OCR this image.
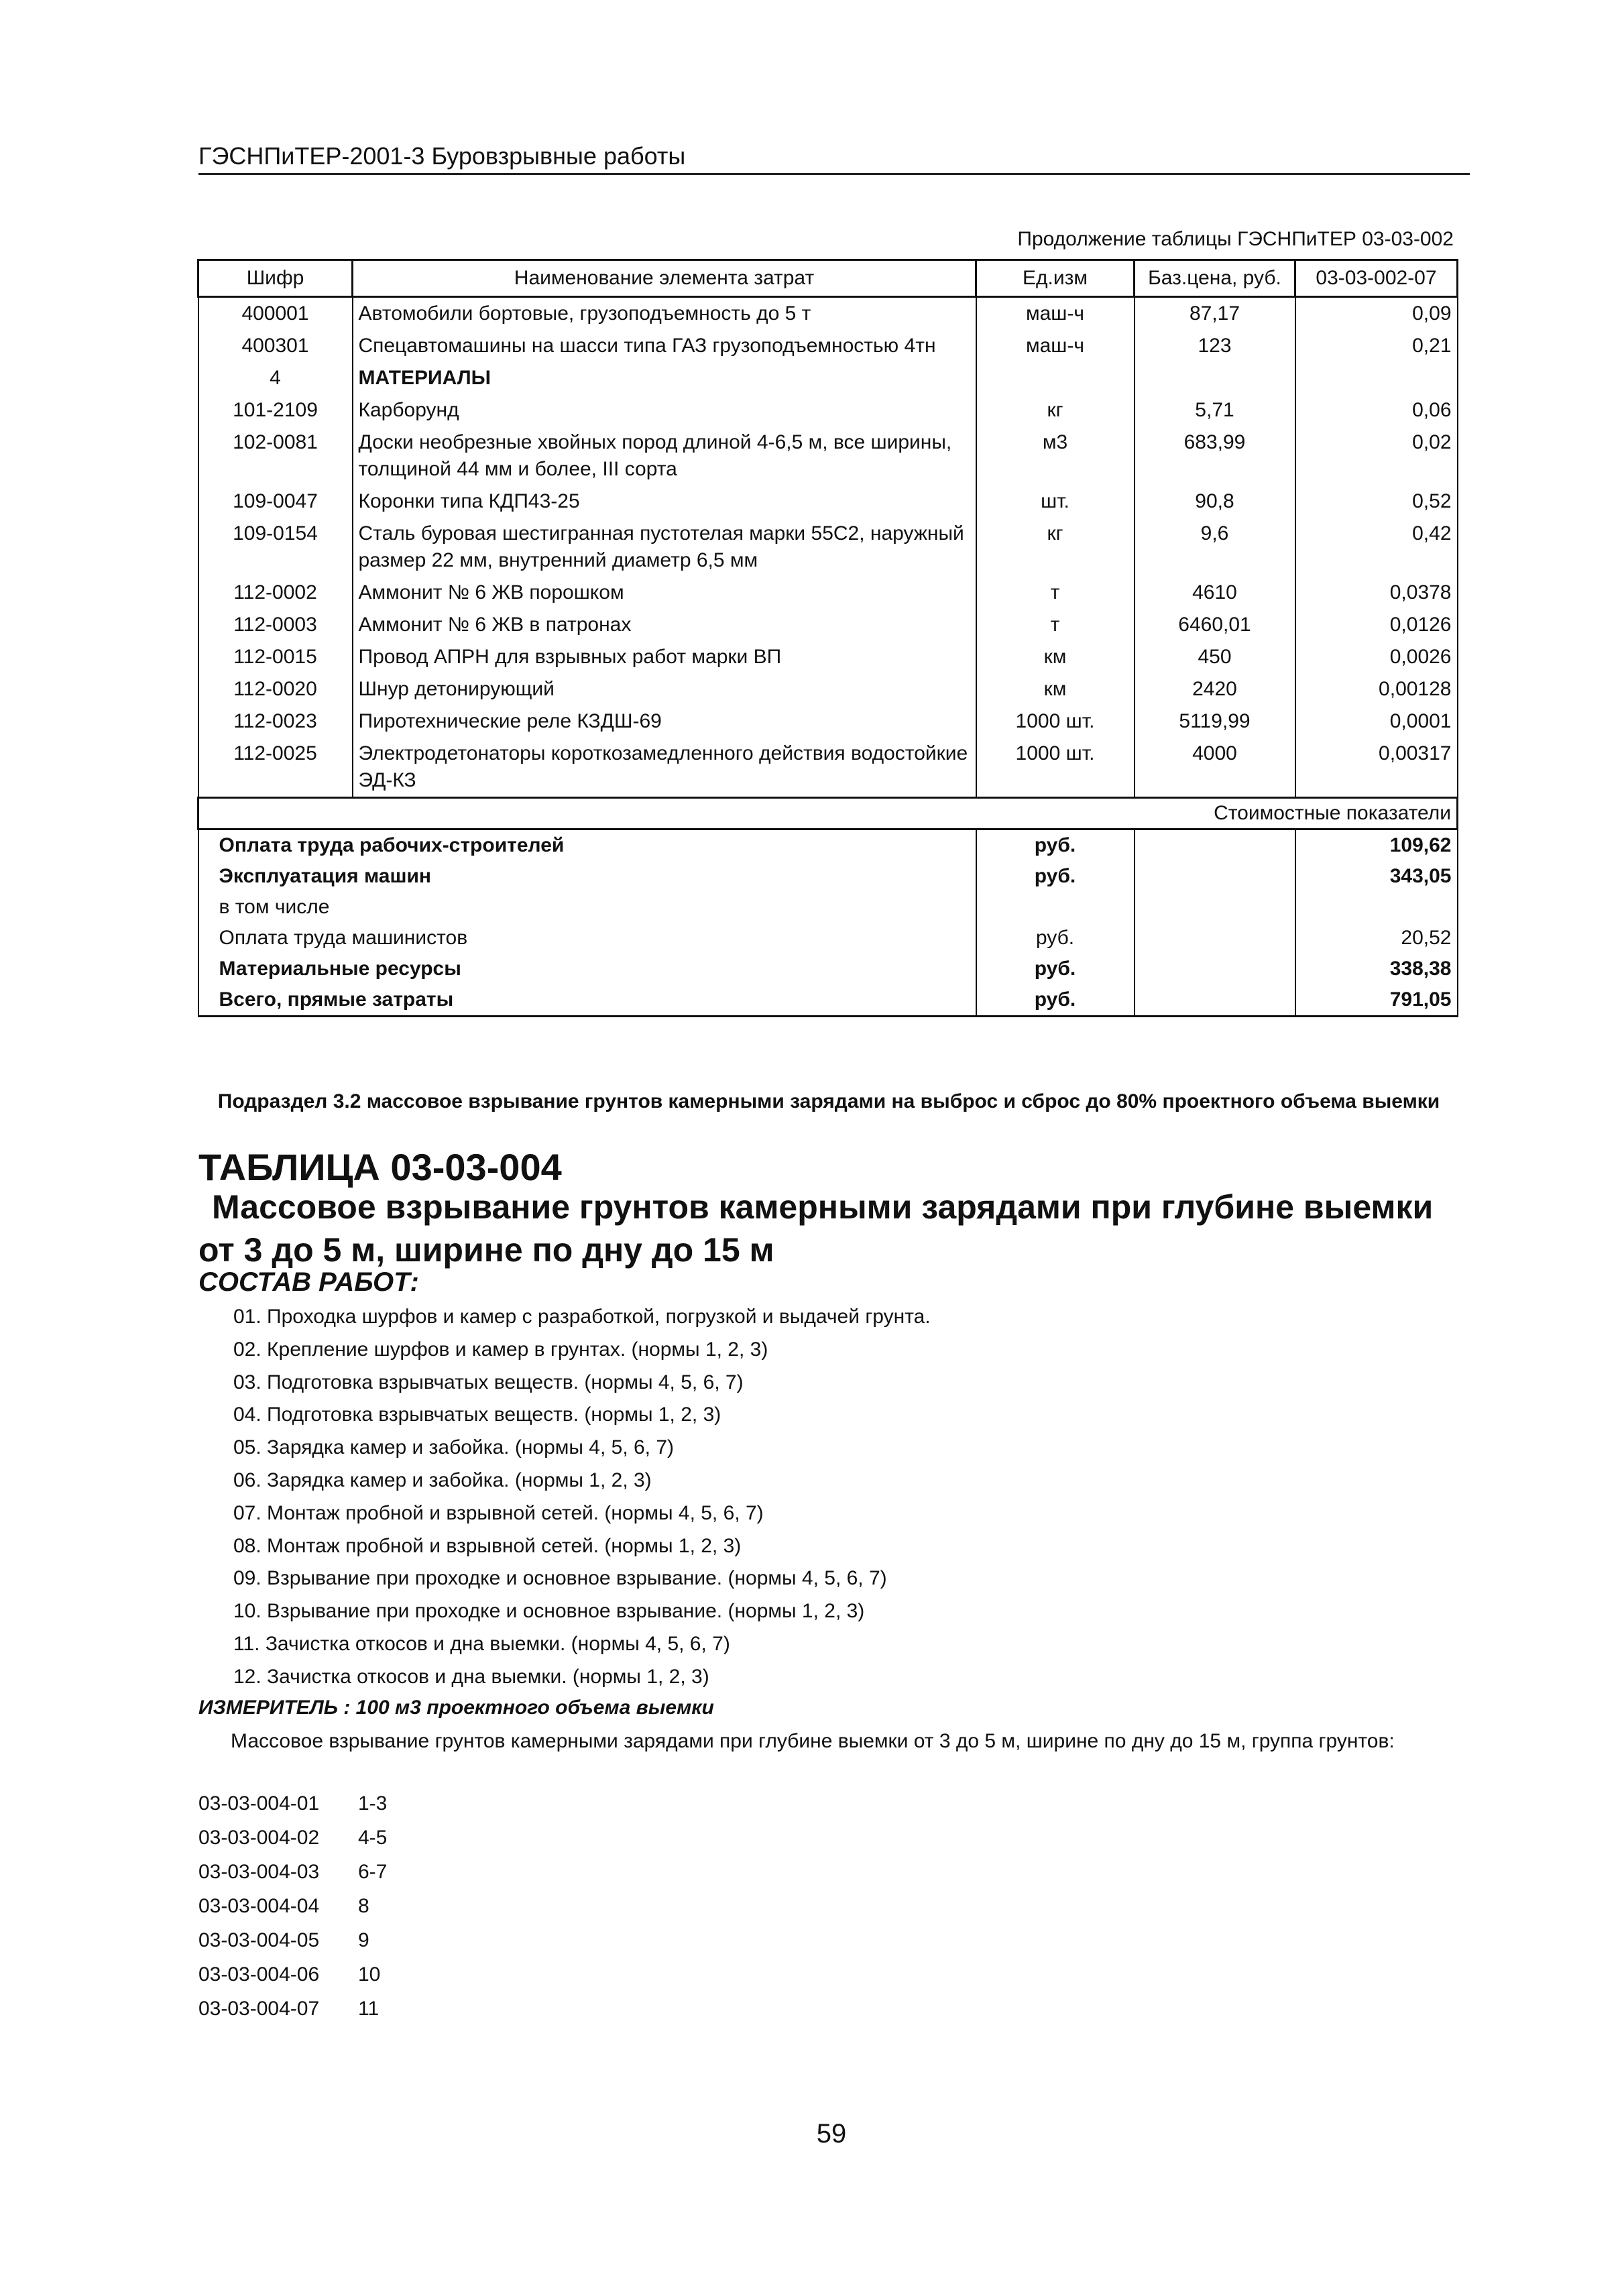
ГЭСНПиТЕР-2001-3 Буровзрывные работы
Продолжение таблицы ГЭСНПиТЕР 03-03-002
Шифр	Наименование элемента затрат	Ед.изм	Баз.цена, руб.	03-03-002-07
400001	Автомобили бортовые, грузоподъемность до 5 т	маш-ч	87,17	0,09
400301	Спецавтомашины на шасси типа ГАЗ грузоподъемностью 4тн	маш-ч	123	0,21
4	МАТЕРИАЛЫ			
101-2109	Карборунд	кг	5,71	0,06
102-0081	Доски необрезные хвойных пород длиной 4-6,5 м, все ширины, толщиной 44 мм и более, III сорта	м3	683,99	0,02
109-0047	Коронки типа КДП43-25	шт.	90,8	0,52
109-0154	Сталь буровая шестигранная пустотелая марки 55С2, наружный размер 22 мм, внутренний диаметр 6,5 мм	кг	9,6	0,42
112-0002	Аммонит № 6 ЖВ порошком	т	4610	0,0378
112-0003	Аммонит № 6 ЖВ в патронах	т	6460,01	0,0126
112-0015	Провод АПРН для взрывных работ марки ВП	км	450	0,0026
112-0020	Шнур детонирующий	км	2420	0,00128
112-0023	Пиротехнические реле КЗДШ-69	1000 шт.	5119,99	0,0001
112-0025	Электродетонаторы короткозамедленного действия водостойкие ЭД-КЗ	1000 шт.	4000	0,00317
Стоимостные показатели				
Оплата труда рабочих-строителей		руб.		109,62
Эксплуатация машин		руб.		343,05
в том числе				
Оплата труда машинистов		руб.		20,52
Материальные ресурсы		руб.		338,38
Всего, прямые затраты		руб.		791,05
Подраздел 3.2 массовое взрывание грунтов камерными зарядами на выброс и сброс до 80% проектного объема выемки
ТАБЛИЦА 03-03-004
Массовое взрывание грунтов камерными зарядами при глубине выемки от 3 до 5 м, ширине по дну до 15 м
СОСТАВ РАБОТ:
01. Проходка шурфов и камер с разработкой, погрузкой и выдачей грунта.
02. Крепление шурфов и камер в грунтах. (нормы 1, 2, 3)
03. Подготовка взрывчатых веществ. (нормы 4, 5, 6, 7)
04. Подготовка взрывчатых веществ. (нормы 1, 2, 3)
05. Зарядка камер и забойка. (нормы 4, 5, 6, 7)
06. Зарядка камер и забойка. (нормы 1, 2, 3)
07. Монтаж пробной и взрывной сетей. (нормы 4, 5, 6, 7)
08. Монтаж пробной и взрывной сетей. (нормы 1, 2, 3)
09. Взрывание при проходке и основное взрывание. (нормы 4, 5, 6, 7)
10. Взрывание при проходке и основное взрывание. (нормы 1, 2, 3)
11. Зачистка откосов и дна выемки. (нормы 4, 5, 6, 7)
12. Зачистка откосов и дна выемки. (нормы 1, 2, 3)
ИЗМЕРИТЕЛЬ : 100 м3 проектного объема выемки
Массовое взрывание грунтов камерными зарядами при глубине выемки от 3 до 5 м, ширине по дну до 15 м, группа грунтов:
03-03-004-01	1-3
03-03-004-02	4-5
03-03-004-03	6-7
03-03-004-04	8
03-03-004-05	9
03-03-004-06	10
03-03-004-07	11
59
